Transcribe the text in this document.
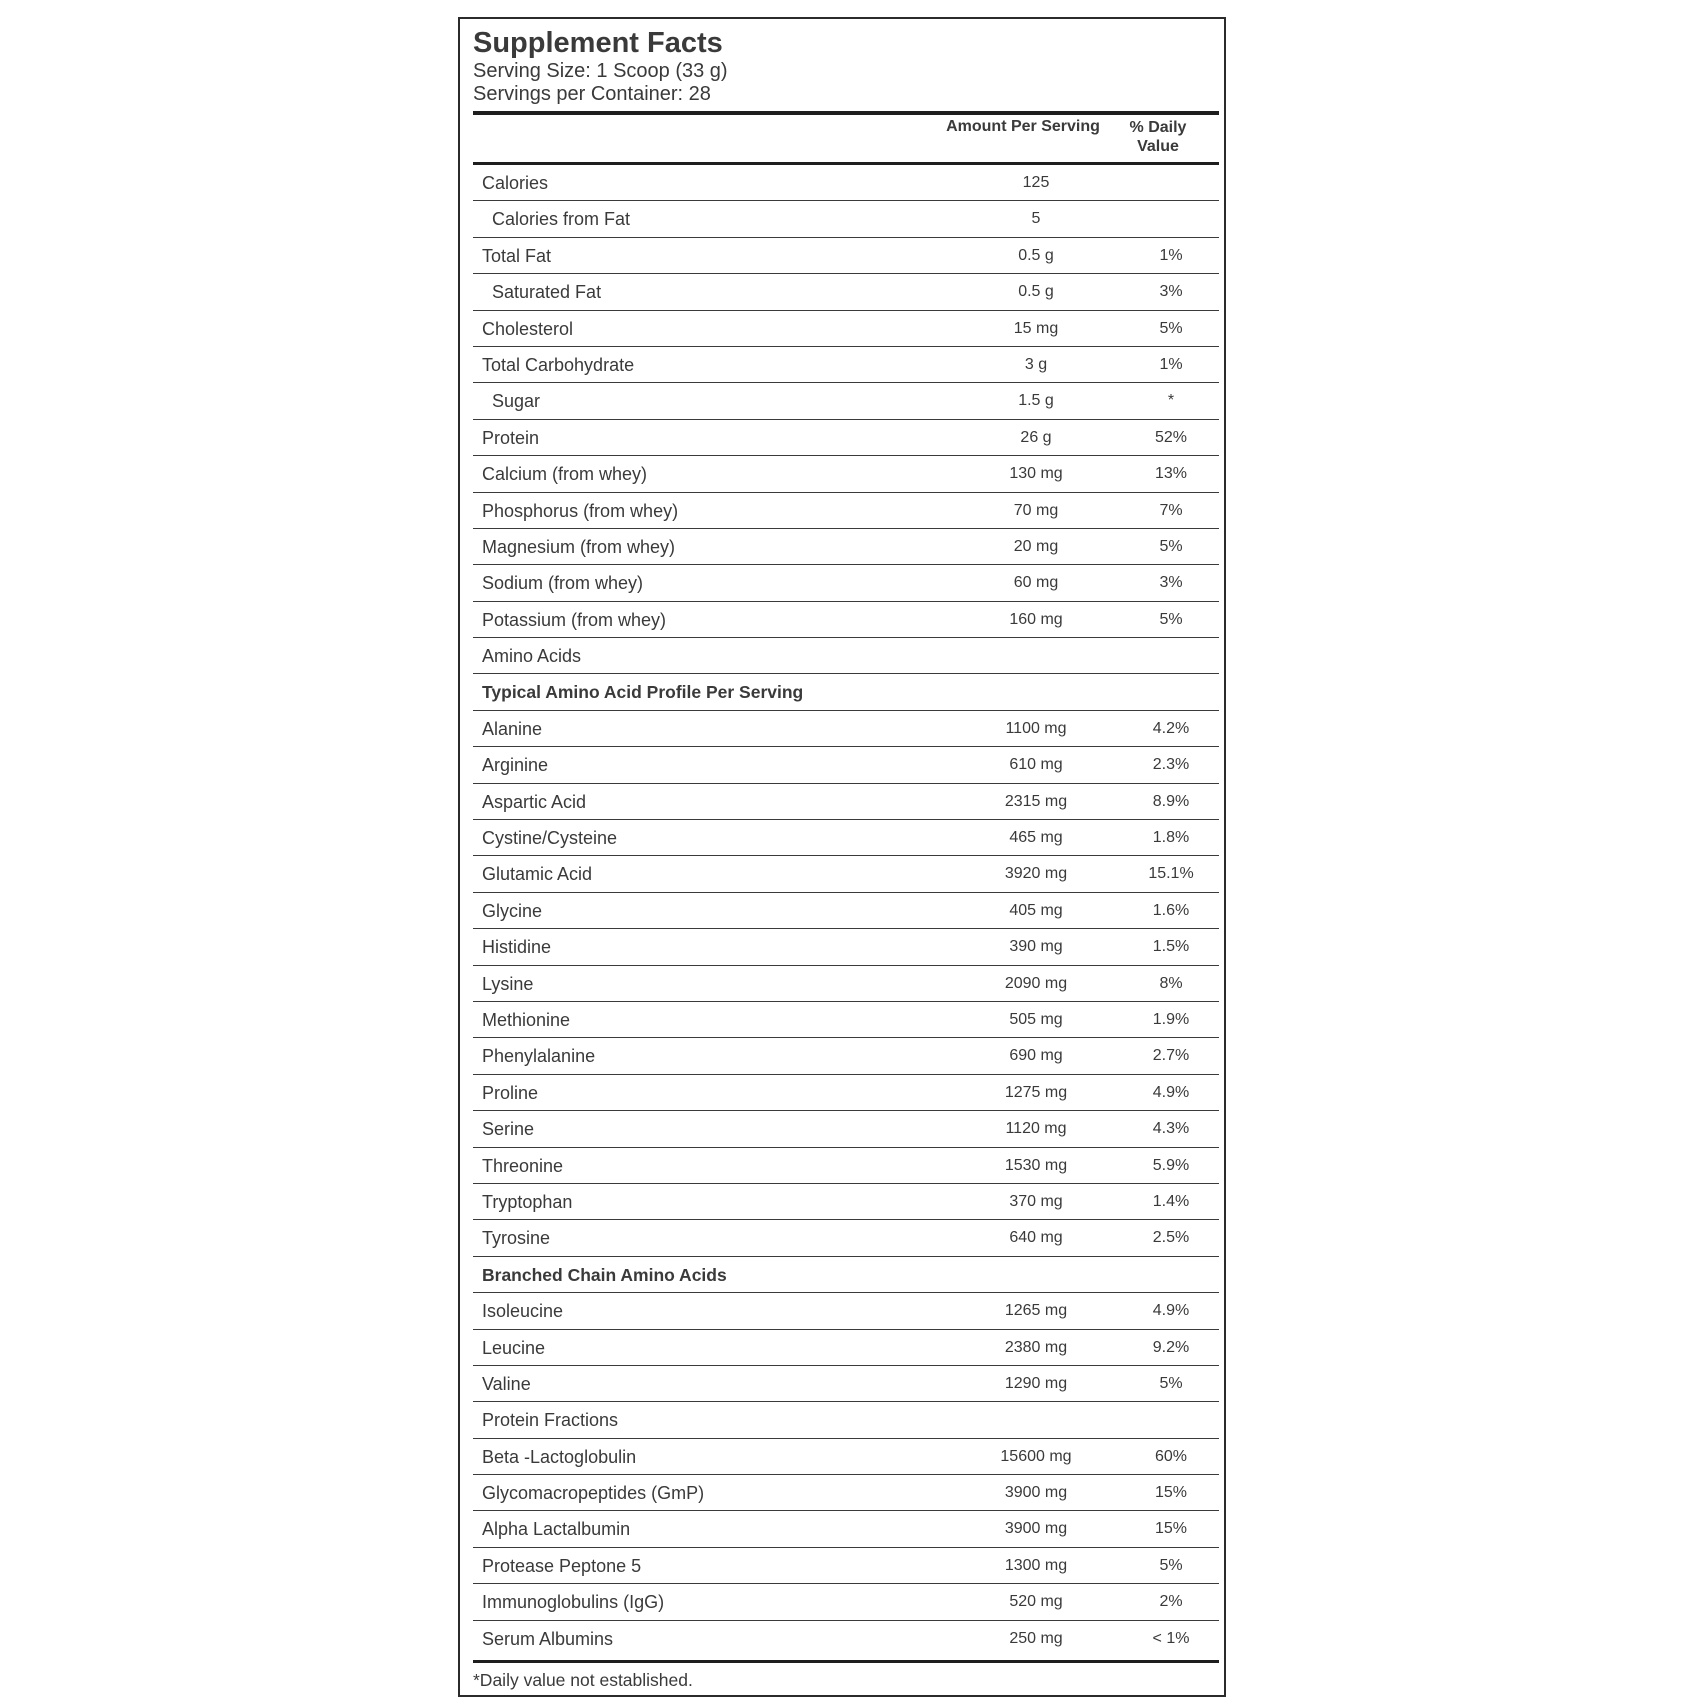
Supplement Facts
Serving Size: 1 Scoop (33 g)
Servings per Container: 28
Amount Per Serving	% Daily Value
Calories	125
Calories from Fat	5
Total Fat	0.5 g	1%
Saturated Fat	0.5 g	3%
Cholesterol	15 mg	5%
Total Carbohydrate	3 g	1%
Sugar	1.5 g	*
Protein	26 g	52%
Calcium (from whey)	130 mg	13%
Phosphorus (from whey)	70 mg	7%
Magnesium (from whey)	20 mg	5%
Sodium (from whey)	60 mg	3%
Potassium (from whey)	160 mg	5%
Amino Acids
Typical Amino Acid Profile Per Serving
Alanine	1100 mg	4.2%
Arginine	610 mg	2.3%
Aspartic Acid	2315 mg	8.9%
Cystine/Cysteine	465 mg	1.8%
Glutamic Acid	3920 mg	15.1%
Glycine	405 mg	1.6%
Histidine	390 mg	1.5%
Lysine	2090 mg	8%
Methionine	505 mg	1.9%
Phenylalanine	690 mg	2.7%
Proline	1275 mg	4.9%
Serine	1120 mg	4.3%
Threonine	1530 mg	5.9%
Tryptophan	370 mg	1.4%
Tyrosine	640 mg	2.5%
Branched Chain Amino Acids
Isoleucine	1265 mg	4.9%
Leucine	2380 mg	9.2%
Valine	1290 mg	5%
Protein Fractions
Beta -Lactoglobulin	15600 mg	60%
Glycomacropeptides (GmP)	3900 mg	15%
Alpha Lactalbumin	3900 mg	15%
Protease Peptone 5	1300 mg	5%
Immunoglobulins (IgG)	520 mg	2%
Serum Albumins	250 mg	< 1%
*Daily value not established.
